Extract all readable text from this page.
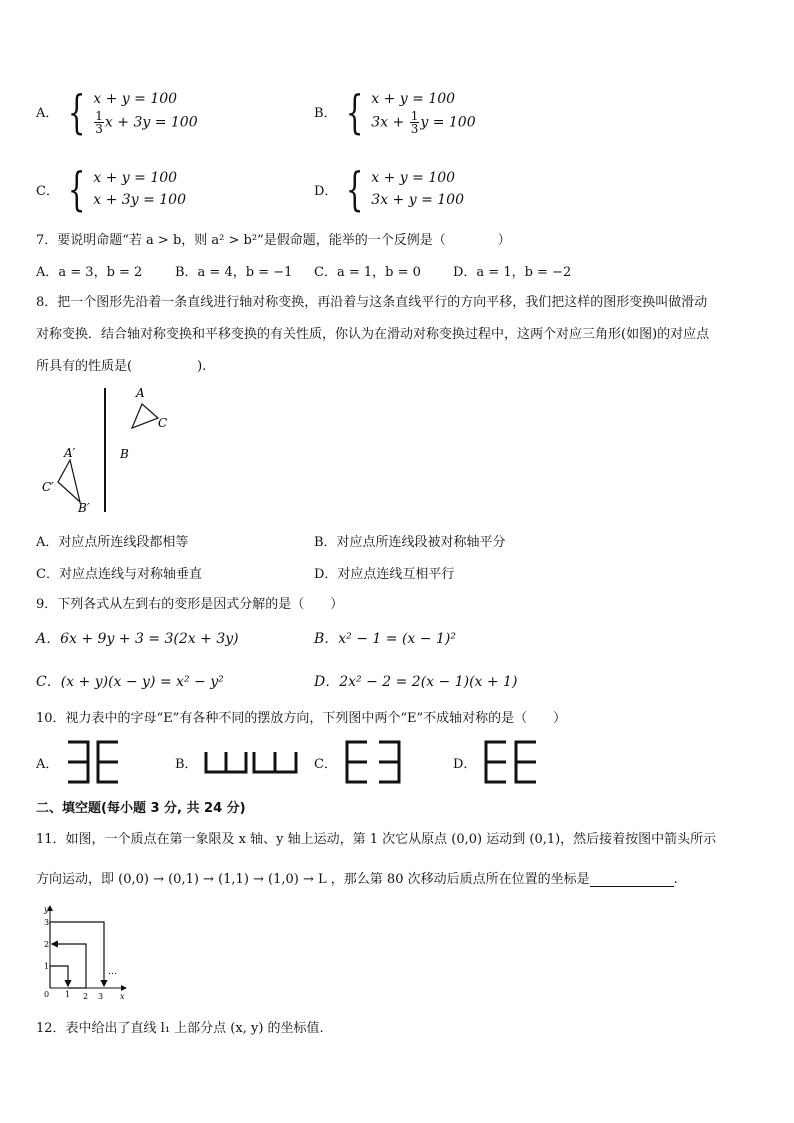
A． { x + y = 100
$\frac{1}{3}$ x + 3y = 100
B． { x + y = 100
$3x + \frac{1}{3}$ y = 100
C． { x + y = 100
x + 3y = 100
D． { x + y = 100
3x + y = 100
7．要说明命题“若 a > b，则 a² > b²”是假命题，能举的一个反例是（　　　　）
A．a = 3，b = 2	B．a = 4，b = −1 C．a = 1，b = 0 D．a = 1，b = −2
8．把一个图形先沿着一条直线进行轴对称变换，再沿着与这条直线平行的方向平移，我们把这样的图形变换叫做滑动
对称变换．结合轴对称变换和平移变换的有关性质，你认为在滑动对称变换过程中，这两个对应三角形(如图)的对应点
所具有的性质是(　　　　　).
A
B
C
A′
B′
C′
A．对应点所连线段都相等	B．对应点所连线段被对称轴平分
C．对应点连线与对称轴垂直	D．对应点连线互相平行
9．下列各式从左到右的变形是因式分解的是（　　）
A．6x + 9y + 3 = 3(2x + 3y)	B．x² − 1 = (x − 1)²
C．(x + y)(x − y) = x² − y²	D．2x² − 2 = 2(x − 1)(x + 1)
10．视力表中的字母“E”有各种不同的摆放方向，下列图中两个“E”不成轴对称的是（　　）
A．	B．	C．	D．
二、填空题(每小题 3 分, 共 24 分)
11．如图，一个质点在第一象限及 x 轴、y 轴上运动，第 1 次它从原点 (0,0) 运动到 (0,1)，然后接着按图中箭头所示
方向运动，即 (0,0) → (0,1) → (1,1) → (1,0) → L ，那么第 80 次移动后质点所在位置的坐标是	.
y
x
0 1 2 3
1
2
3
…
12．表中给出了直线 l₁ 上部分点 (x, y) 的坐标值.
